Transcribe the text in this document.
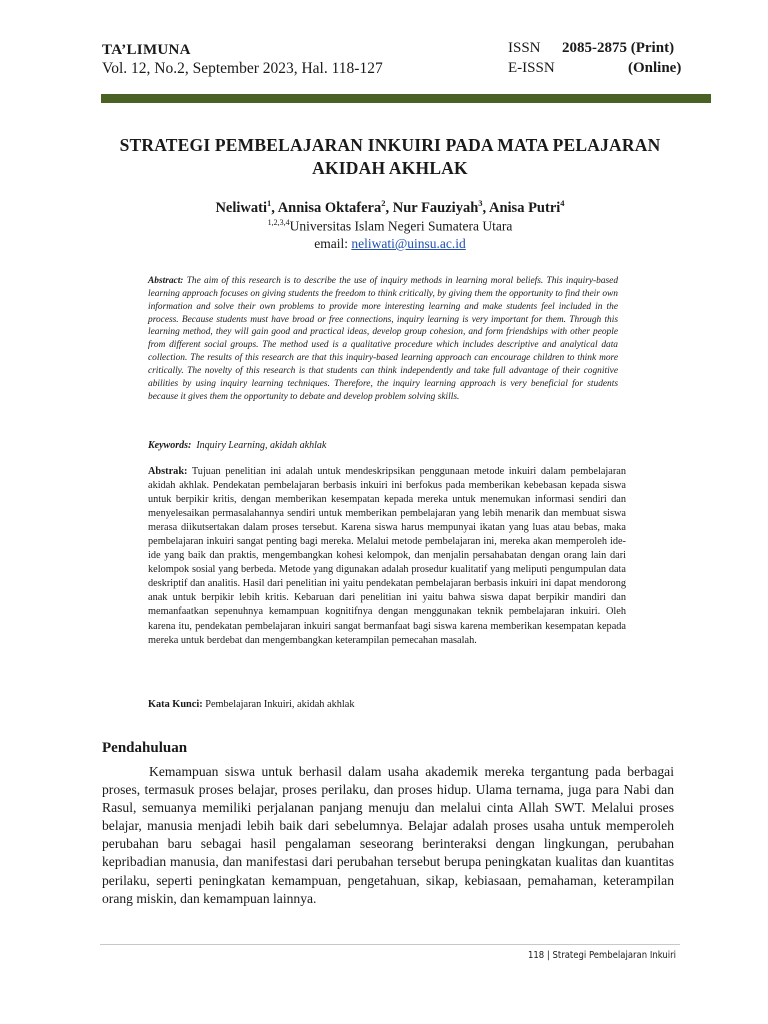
TA’LIMUNA
Vol. 12, No.2, September 2023, Hal. 118-127
ISSN	2085-2875 (Print)
E-ISSN	(Online)
STRATEGI PEMBELAJARAN INKUIRI PADA MATA PELAJARAN
AKIDAH AKHLAK
Neliwati$^1$, Annisa Oktafera$^2$, Nur Fauziyah$^3$, Anisa Putri$^4$
$^{1,2,3,4}$Universitas Islam Negeri Sumatera Utara
email: neliwati@uinsu.ac.id
Abstract: The aim of this research is to describe the use of inquiry methods in learning moral beliefs. This inquiry-based learning approach focuses on giving students the freedom to think critically, by giving them the opportunity to find their own information and solve their own problems to provide more interesting learning and make students feel included in the process. Because students must have broad or free connections, inquiry learning is very important for them. Through this learning method, they will gain good and practical ideas, develop group cohesion, and form friendships with other people from different social groups. The method used is a qualitative procedure which includes descriptive and analytical data collection. The results of this research are that this inquiry-based learning approach can encourage children to think more critically. The novelty of this research is that students can think independently and take full advantage of their cognitive abilities by using inquiry learning techniques. Therefore, the inquiry learning approach is very beneficial for students because it gives them the opportunity to debate and develop problem solving skills.
Keywords: Inquiry Learning, akidah akhlak
Abstrak: Tujuan penelitian ini adalah untuk mendeskripsikan penggunaan metode inkuiri dalam pembelajaran akidah akhlak. Pendekatan pembelajaran berbasis inkuiri ini berfokus pada memberikan kebebasan kepada siswa untuk berpikir kritis, dengan memberikan kesempatan kepada mereka untuk menemukan informasi sendiri dan menyelesaikan permasalahannya sendiri untuk memberikan pembelajaran yang lebih menarik dan membuat siswa merasa diikutsertakan dalam proses tersebut. Karena siswa harus mempunyai ikatan yang luas atau bebas, maka pembelajaran inkuiri sangat penting bagi mereka. Melalui metode pembelajaran ini, mereka akan memperoleh ide-ide yang baik dan praktis, mengembangkan kohesi kelompok, dan menjalin persahabatan dengan orang lain dari kelompok sosial yang berbeda. Metode yang digunakan adalah prosedur kualitatif yang meliputi pengumpulan data deskriptif dan analitis. Hasil dari penelitian ini yaitu pendekatan pembelajaran berbasis inkuiri ini dapat mendorong anak untuk berpikir lebih kritis. Kebaruan dari penelitian ini yaitu bahwa siswa dapat berpikir mandiri dan memanfaatkan sepenuhnya kemampuan kognitifnya dengan menggunakan teknik pembelajaran inkuiri. Oleh karena itu, pendekatan pembelajaran inkuiri sangat bermanfaat bagi siswa karena memberikan kesempatan kepada mereka untuk berdebat dan mengembangkan keterampilan pemecahan masalah.
Kata Kunci: Pembelajaran Inkuiri, akidah akhlak
Pendahuluan
Kemampuan siswa untuk berhasil dalam usaha akademik mereka tergantung pada berbagai proses, termasuk proses belajar, proses perilaku, dan proses hidup. Ulama ternama, juga para Nabi dan Rasul, semuanya memiliki perjalanan panjang menuju dan melalui cinta Allah SWT. Melalui proses belajar, manusia menjadi lebih baik dari sebelumnya. Belajar adalah proses usaha untuk memperoleh perubahan baru sebagai hasil pengalaman seseorang berinteraksi dengan lingkungan, perubahan kepribadian manusia, dan manifestasi dari perubahan tersebut berupa peningkatan kualitas dan kuantitas perilaku, seperti peningkatan kemampuan, pengetahuan, sikap, kebiasaan, pemahaman, keterampilan orang miskin, dan kemampuan lainnya.
118 | Strategi Pembelajaran Inkuiri
